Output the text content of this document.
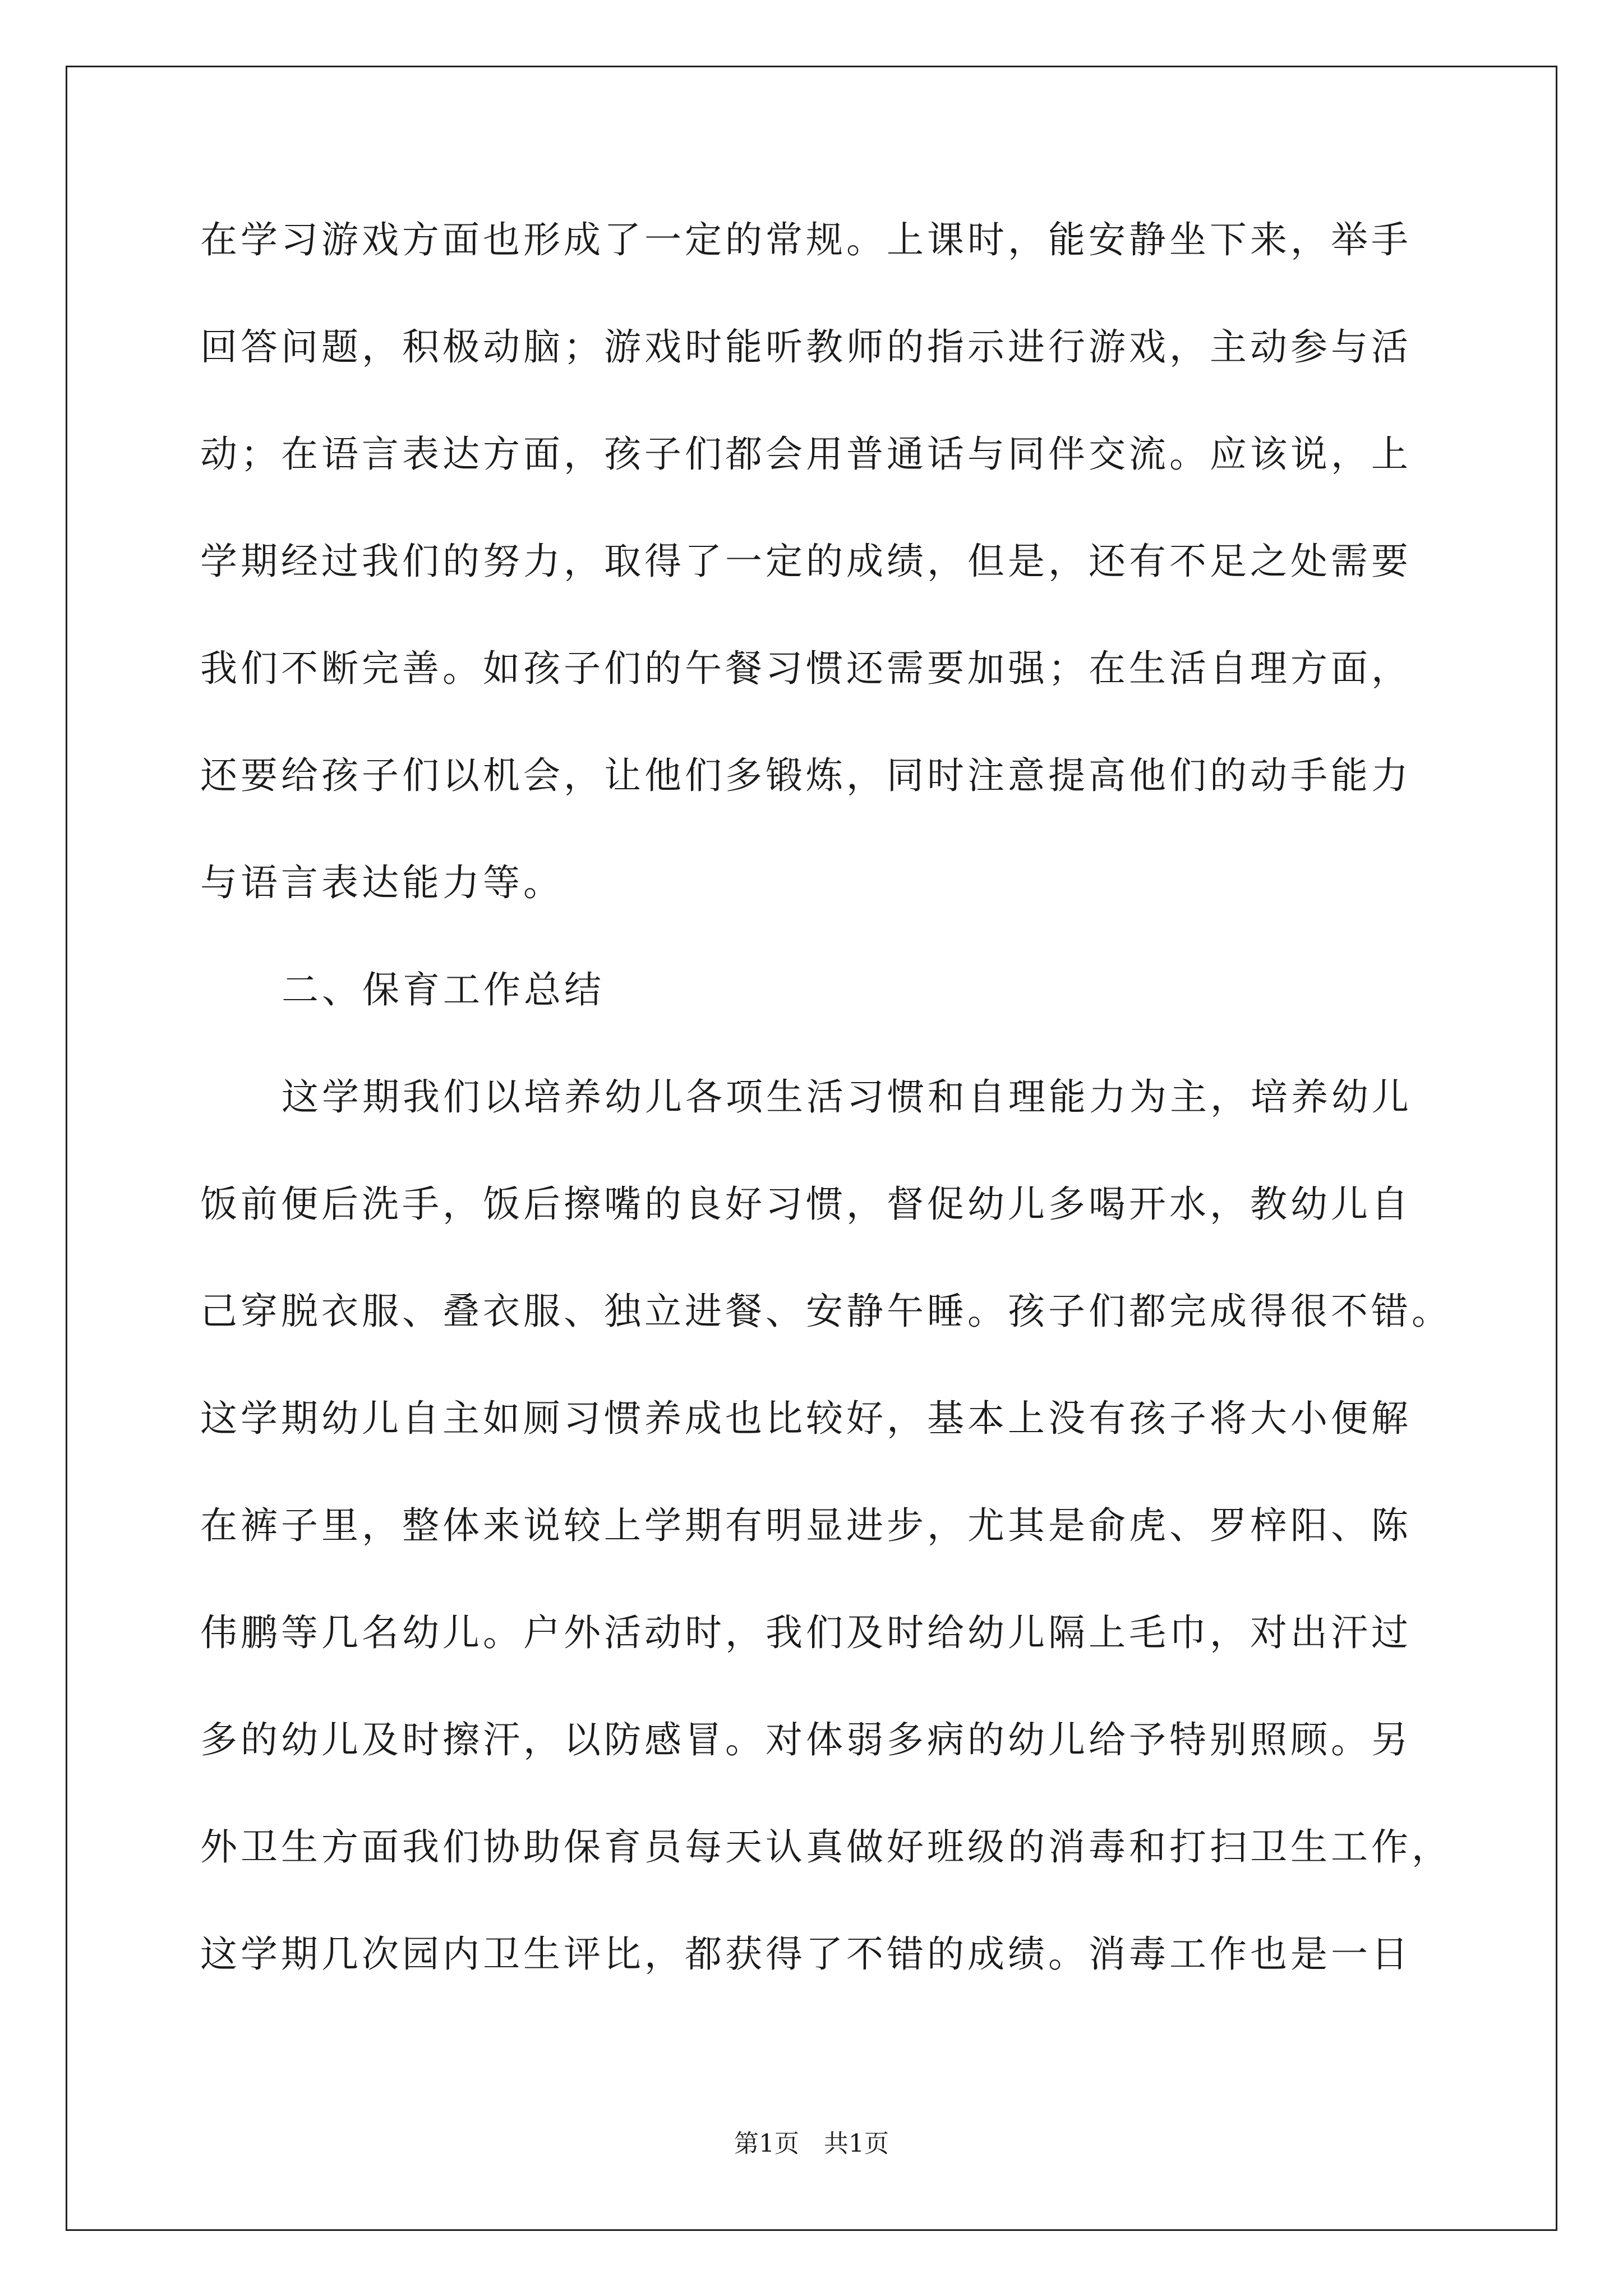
在学习游戏方面也形成了一定的常规。上课时，能安静坐下来，举手
回答问题，积极动脑；游戏时能听教师的指示进行游戏，主动参与活
动；在语言表达方面，孩子们都会用普通话与同伴交流。应该说，上
学期经过我们的努力，取得了一定的成绩，但是，还有不足之处需要
我们不断完善。如孩子们的午餐习惯还需要加强；在生活自理方面，
还要给孩子们以机会，让他们多锻炼，同时注意提高他们的动手能力
与语言表达能力等。
二、保育工作总结
这学期我们以培养幼儿各项生活习惯和自理能力为主，培养幼儿
饭前便后洗手，饭后擦嘴的良好习惯，督促幼儿多喝开水，教幼儿自
己穿脱衣服、叠衣服、独立进餐、安静午睡。孩子们都完成得很不错。
这学期幼儿自主如厕习惯养成也比较好，基本上没有孩子将大小便解
在裤子里，整体来说较上学期有明显进步，尤其是俞虎、罗梓阳、陈
伟鹏等几名幼儿。户外活动时，我们及时给幼儿隔上毛巾，对出汗过
多的幼儿及时擦汗，以防感冒。对体弱多病的幼儿给予特别照顾。另
外卫生方面我们协助保育员每天认真做好班级的消毒和打扫卫生工作，
这学期几次园内卫生评比，都获得了不错的成绩。消毒工作也是一日
第1页　共1页
